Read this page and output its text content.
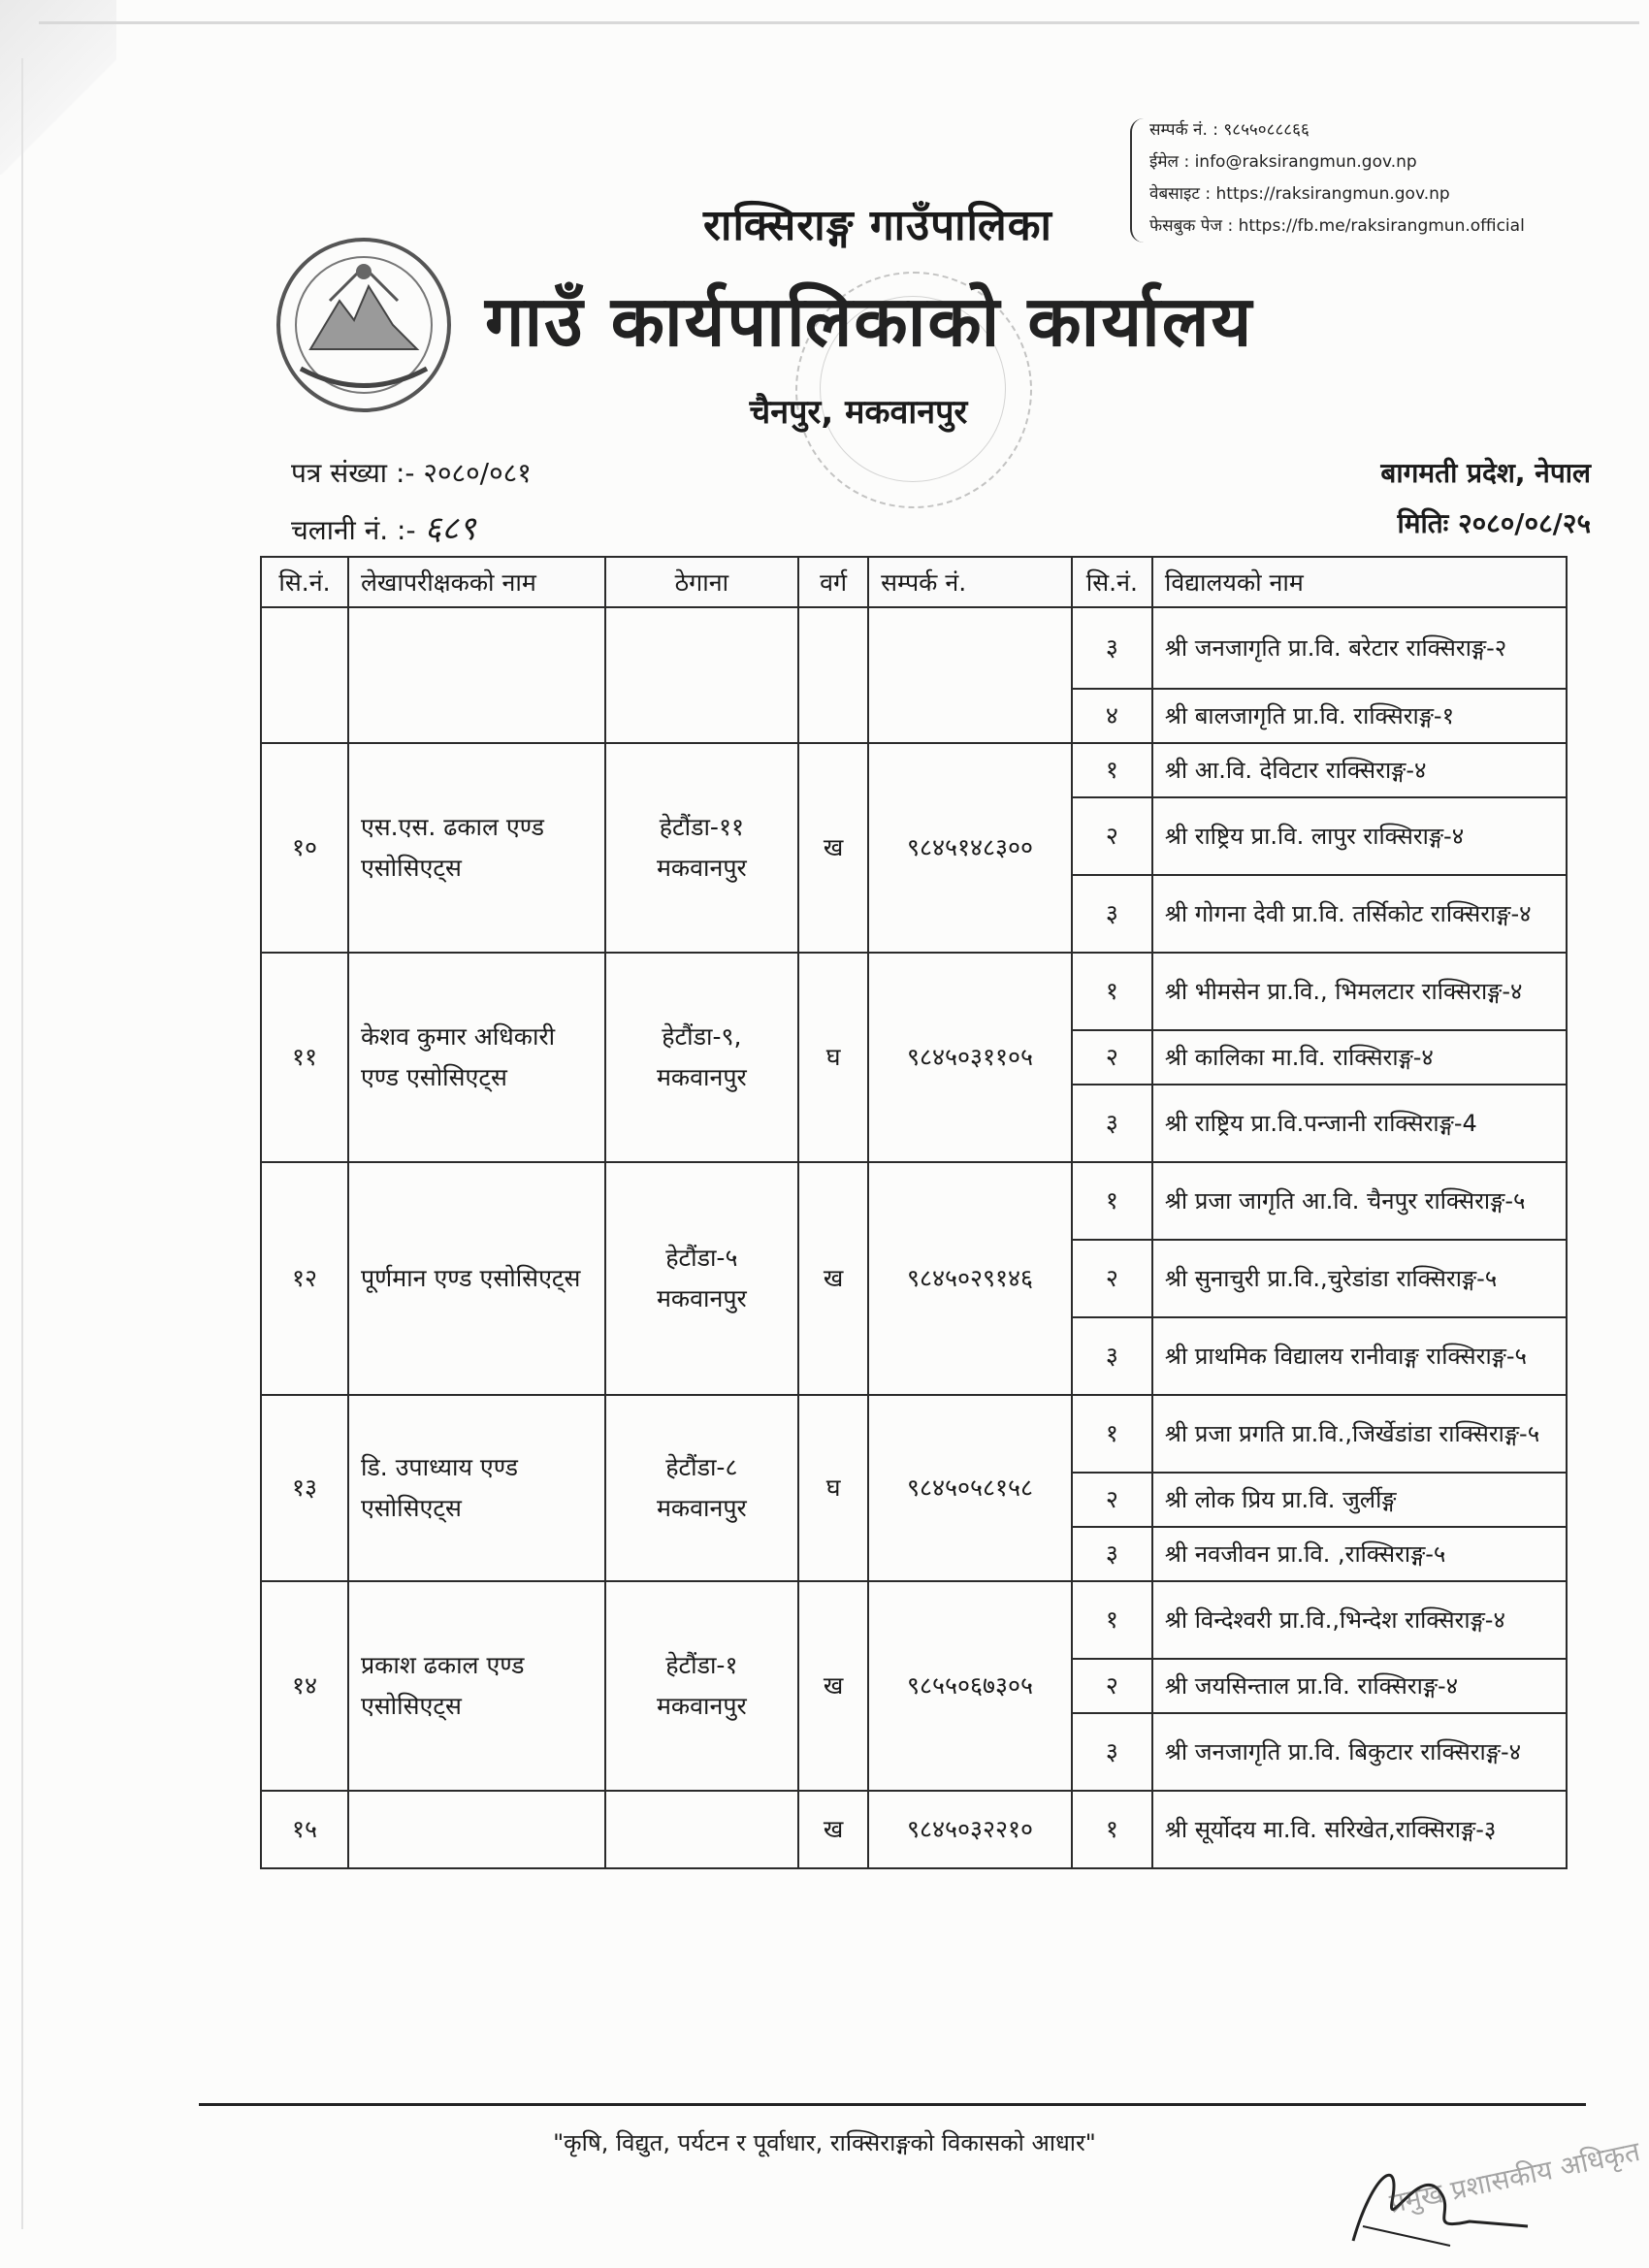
सम्पर्क नं. : ९८५५०८८८६६
ईमेल : info@raksirangmun.gov.np
वेबसाइट : https://raksirangmun.gov.np
फेसबुक पेज : https://fb.me/raksirangmun.official
राक्सिराङ्ग गाउँपालिका
गाउँ कार्यपालिकाको कार्यालय
चैनपुर, मकवानपुर
पत्र संख्या :- २०८०/०८१
चलानी नं. :- ६८९
बागमती प्रदेश, नेपाल
मितिः २०८०/०८/२५
सि.नं.	लेखापरीक्षकको नाम	ठेगाना	वर्ग	सम्पर्क नं.	सि.नं.	विद्यालयको नाम
					३	श्री जनजागृति प्रा.वि. बरेटार राक्सिराङ्ग-२
					४	श्री बालजागृति प्रा.वि. राक्सिराङ्ग-१
१०	एस.एस. ढकाल एण्ड एसोसिएट्स	हेटौंडा-११ मकवानपुर	ख	९८४५१४८३००	१	श्री आ.वि. देविटार राक्सिराङ्ग-४
					२	श्री राष्ट्रिय प्रा.वि. लापुर राक्सिराङ्ग-४
					३	श्री गोगना देवी प्रा.वि. तर्सिकोट राक्सिराङ्ग-४
११	केशव कुमार अधिकारी एण्ड एसोसिएट्स	हेटौंडा-९, मकवानपुर	घ	९८४५०३११०५	१	श्री भीमसेन प्रा.वि., भिमलटार राक्सिराङ्ग-४
					२	श्री कालिका मा.वि. राक्सिराङ्ग-४
					३	श्री राष्ट्रिय प्रा.वि.पन्जानी राक्सिराङ्ग-4
१२	पूर्णमान एण्ड एसोसिएट्स	हेटौंडा-५ मकवानपुर	ख	९८४५०२९१४६	१	श्री प्रजा जागृति आ.वि. चैनपुर राक्सिराङ्ग-५
					२	श्री सुनाचुरी प्रा.वि.,चुरेडांडा राक्सिराङ्ग-५
					३	श्री प्राथमिक विद्यालय रानीवाङ्ग राक्सिराङ्ग-५
१३	डि. उपाध्याय एण्ड एसोसिएट्स	हेटौंडा-८ मकवानपुर	घ	९८४५०५८१५८	१	श्री प्रजा प्रगति प्रा.वि.,जिर्खेडांडा राक्सिराङ्ग-५
					२	श्री लोक प्रिय प्रा.वि. जुर्लीङ्ग
					३	श्री नवजीवन प्रा.वि. ,राक्सिराङ्ग-५
१४	प्रकाश ढकाल एण्ड एसोसिएट्स	हेटौंडा-१ मकवानपुर	ख	९८५५०६७३०५	१	श्री विन्देश्वरी प्रा.वि.,भिन्देश राक्सिराङ्ग-४
					२	श्री जयसिन्ताल प्रा.वि. राक्सिराङ्ग-४
					३	श्री जनजागृति प्रा.वि. बिकुटार राक्सिराङ्ग-४
१५			ख	९८४५०३२२१०	१	श्री सूर्योदय मा.वि. सरिखेत,राक्सिराङ्ग-३
"कृषि, विद्युत, पर्यटन र पूर्वाधार, राक्सिराङ्गको विकासको आधार"	प्रमुख प्रशासकीय अधिकृत
